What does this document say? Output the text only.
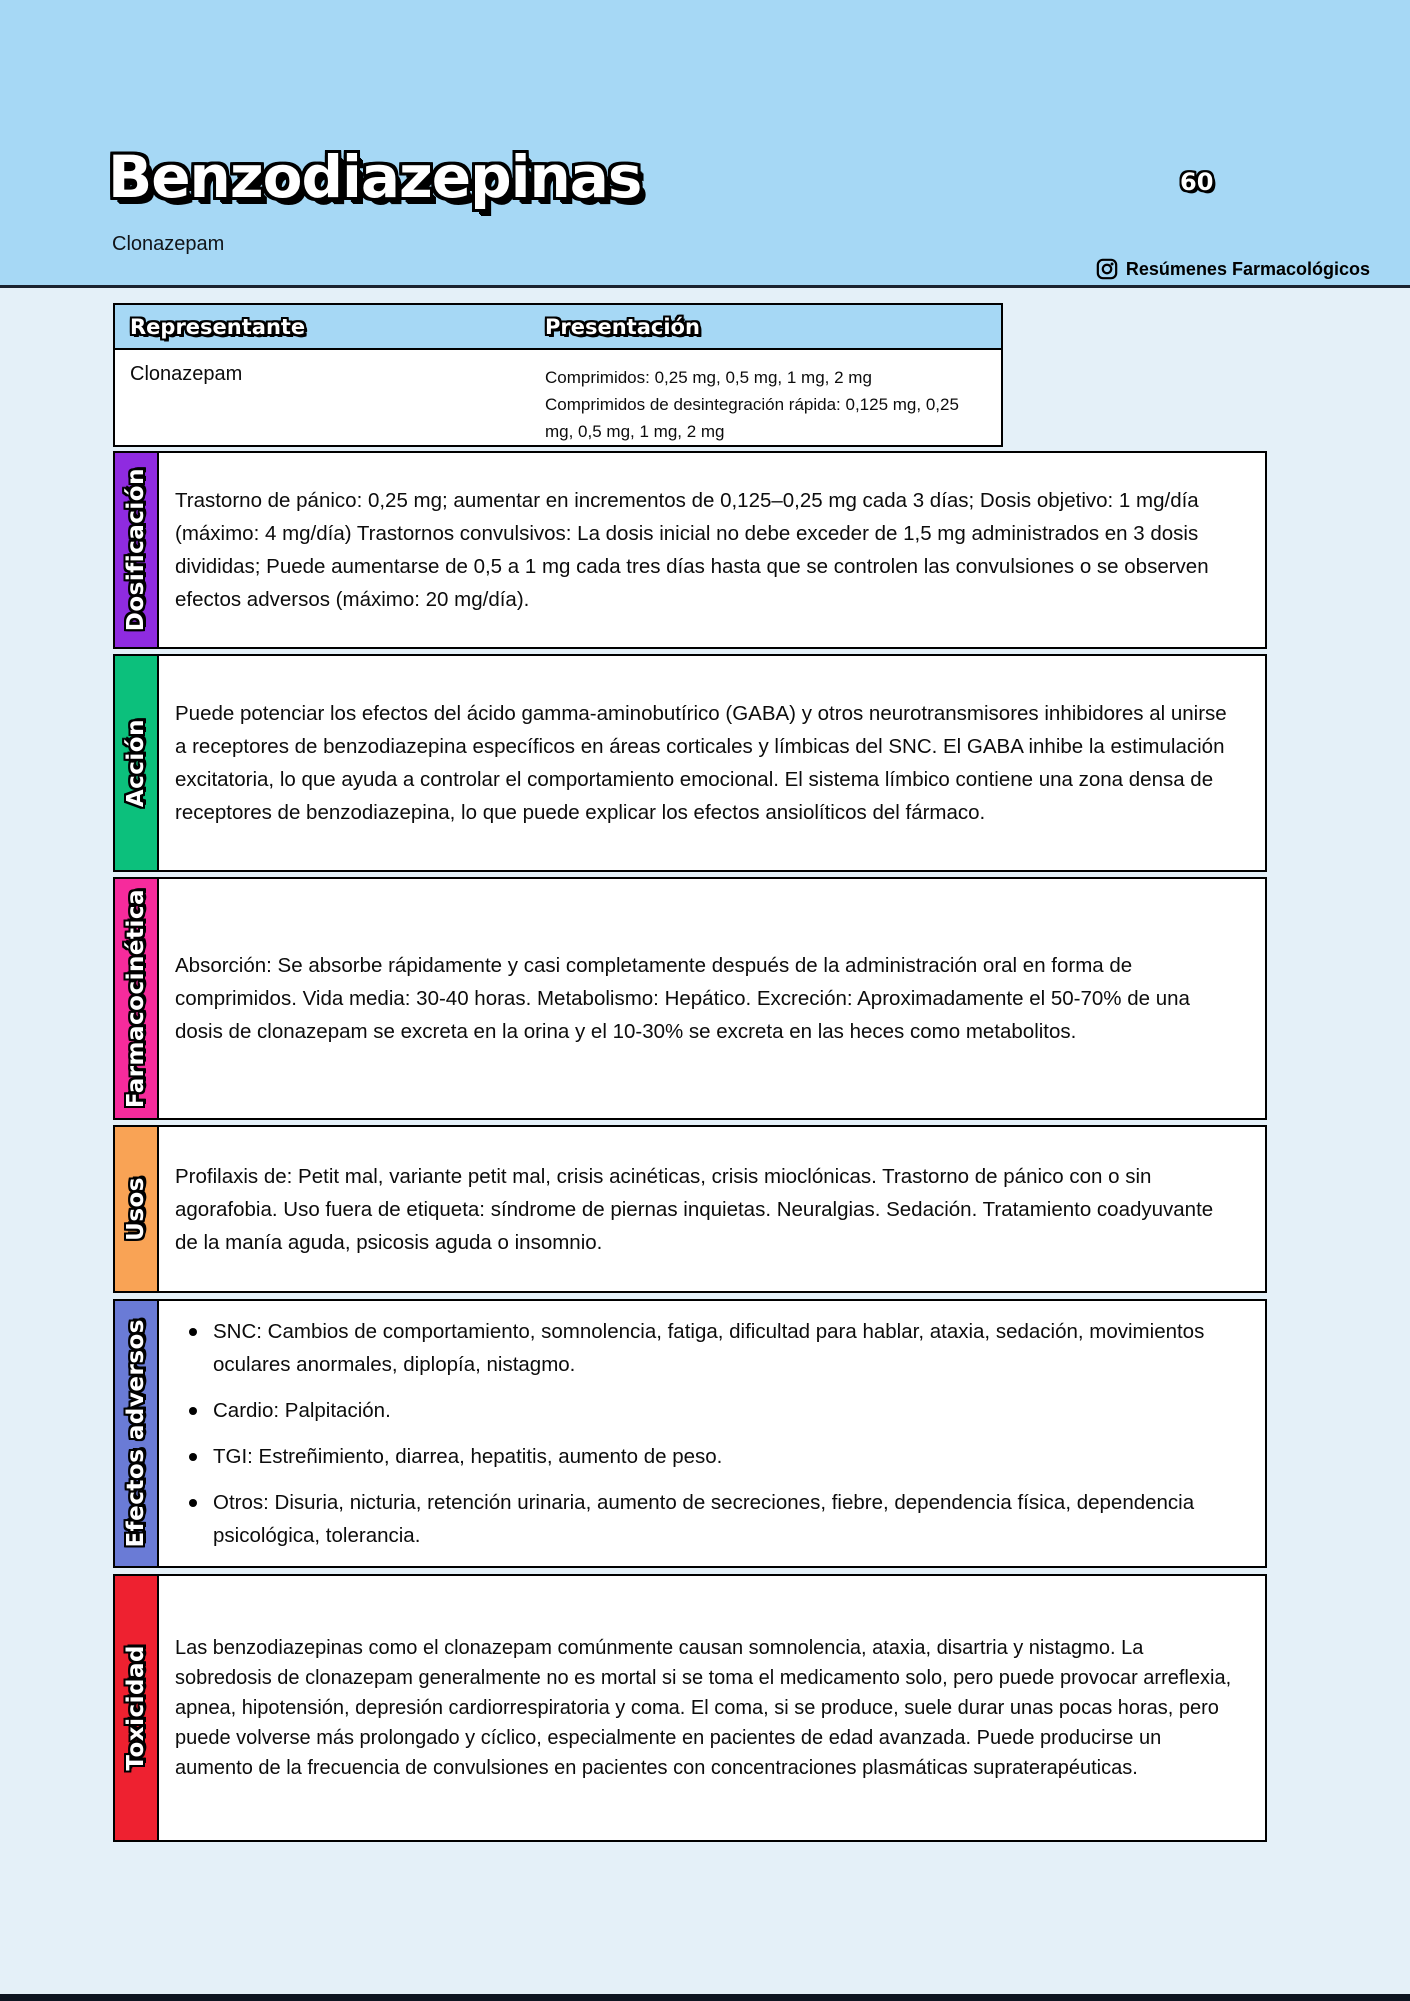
Benzodiazepinas	60
Clonazepam
Resúmenes Farmacológicos
Representante	Presentación
Clonazepam	Comprimidos: 0,25 mg, 0,5 mg, 1 mg, 2 mg
Comprimidos de desintegración rápida: 0,125 mg, 0,25 mg, 0,5 mg, 1 mg, 2 mg
Dosificación Trastorno de pánico: 0,25 mg; aumentar en incrementos de 0,125–0,25 mg cada 3 días; Dosis objetivo: 1 mg/día (máximo: 4 mg/día) Trastornos convulsivos: La dosis inicial no debe exceder de 1,5 mg administrados en 3 dosis divididas; Puede aumentarse de 0,5 a 1 mg cada tres días hasta que se controlen las convulsiones o se observen efectos adversos (máximo: 20 mg/día).

Acción

Puede potenciar los efectos del ácido gamma-aminobutírico (GABA) y otros neurotransmisores inhibidores al unirse a receptores de benzodiazepina específicos en áreas corticales y límbicas del SNC. El GABA inhibe la estimulación excitatoria, lo que ayuda a controlar el comportamiento emocional. El sistema límbico contiene una zona densa de receptores de benzodiazepina, lo que puede explicar los efectos ansiolíticos del fármaco.

Farmacocinética Absorción: Se absorbe rápidamente y casi completamente después de la administración oral en forma de comprimidos. Vida media: 30-40 horas. Metabolismo: Hepático. Excreción: Aproximadamente el 50-70% de una dosis de clonazepam se excreta en la orina y el 10-30% se excreta en las heces como metabolitos.

Usos

Profilaxis de: Petit mal, variante petit mal, crisis acinéticas, crisis mioclónicas. Trastorno de pánico con o sin agorafobia. Uso fuera de etiqueta: síndrome de piernas inquietas. Neuralgias. Sedación. Tratamiento coadyuvante de la manía aguda, psicosis aguda o insomnio.

Efectos adversos	SNC: Cambios de comportamiento, somnolencia, fatiga, dificultad para hablar, ataxia, sedación, movimientos oculares anormales, diplopía, nistagmo.
Cardio: Palpitación.
TGI: Estreñimiento, diarrea, hepatitis, aumento de peso.
Otros: Disuria, nicturia, retención urinaria, aumento de secreciones, fiebre, dependencia física, dependencia psicológica, tolerancia.
Toxicidad Las benzodiazepinas como el clonazepam comúnmente causan somnolencia, ataxia, disartria y nistagmo. La sobredosis de clonazepam generalmente no es mortal si se toma el medicamento solo, pero puede provocar arreflexia, apnea, hipotensión, depresión cardiorrespiratoria y coma. El coma, si se produce, suele durar unas pocas horas, pero puede volverse más prolongado y cíclico, especialmente en pacientes de edad avanzada. Puede producirse un aumento de la frecuencia de convulsiones en pacientes con concentraciones plasmáticas supraterapéuticas.
